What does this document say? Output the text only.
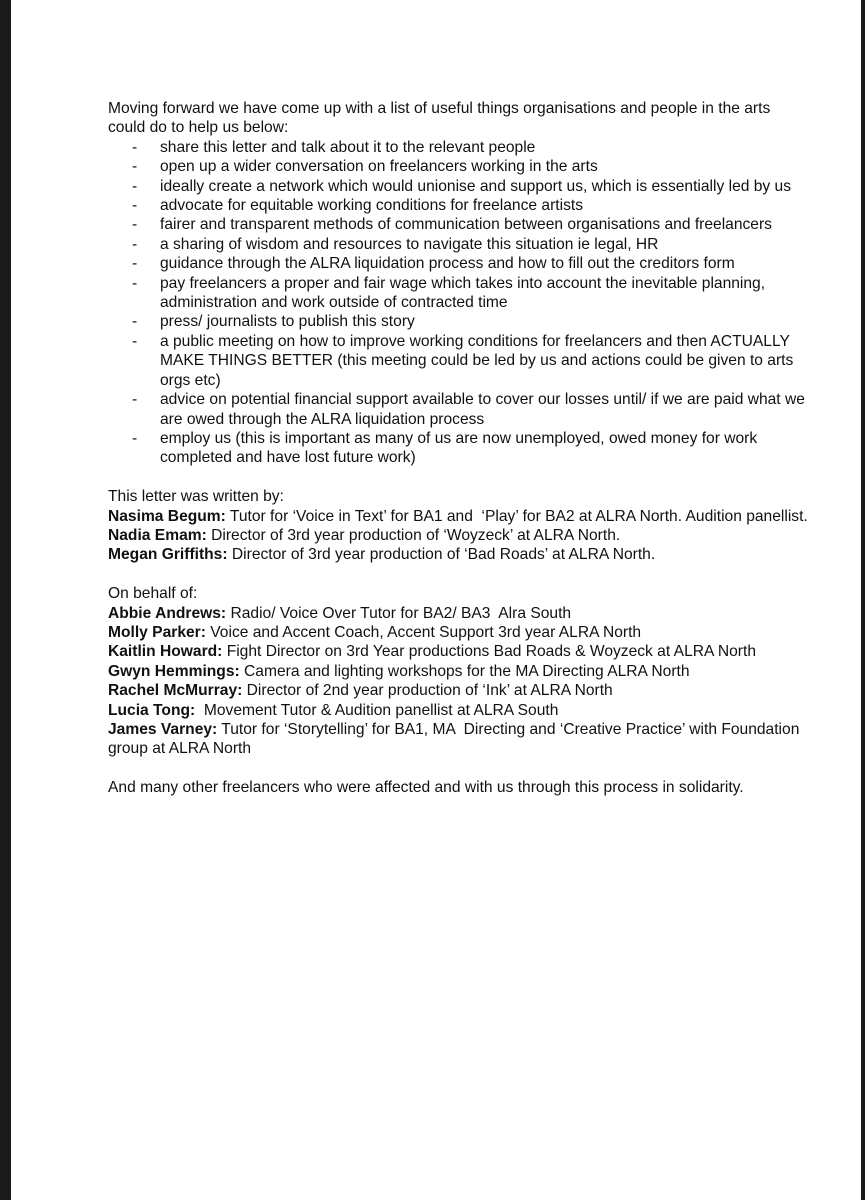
Moving forward we have come up with a list of useful things organisations and people in the arts could do to help us below:

- share this letter and talk about it to the relevant people
- open up a wider conversation on freelancers working in the arts
- ideally create a network which would unionise and support us, which is essentially led by us
- advocate for equitable working conditions for freelance artists
- fairer and transparent methods of communication between organisations and freelancers
- a sharing of wisdom and resources to navigate this situation ie legal, HR
- guidance through the ALRA liquidation process and how to fill out the creditors form
- pay freelancers a proper and fair wage which takes into account the inevitable planning, administration and work outside of contracted time
- press/ journalists to publish this story
- a public meeting on how to improve working conditions for freelancers and then ACTUALLY MAKE THINGS BETTER (this meeting could be led by us and actions could be given to arts orgs etc)
- advice on potential financial support available to cover our losses until/ if we are paid what we are owed through the ALRA liquidation process
- employ us (this is important as many of us are now unemployed, owed money for work completed and have lost future work)

This letter was written by:

Nasima Begum: Tutor for ‘Voice in Text’ for BA1 and  ‘Play’ for BA2 at ALRA North. Audition panellist.

Nadia Emam: Director of 3rd year production of ‘Woyzeck’ at ALRA North.

Megan Griffiths: Director of 3rd year production of ‘Bad Roads’ at ALRA North.

On behalf of:

Abbie Andrews: Radio/ Voice Over Tutor for BA2/ BA3  Alra South

Molly Parker: Voice and Accent Coach, Accent Support 3rd year ALRA North

Kaitlin Howard: Fight Director on 3rd Year productions Bad Roads & Woyzeck at ALRA North

Gwyn Hemmings: Camera and lighting workshops for the MA Directing ALRA North

Rachel McMurray: Director of 2nd year production of ‘Ink’ at ALRA North

Lucia Tong:  Movement Tutor & Audition panellist at ALRA South

James Varney: Tutor for ‘Storytelling’ for BA1, MA  Directing and ‘Creative Practice’ with Foundation group at ALRA North

And many other freelancers who were affected and with us through this process in solidarity.
